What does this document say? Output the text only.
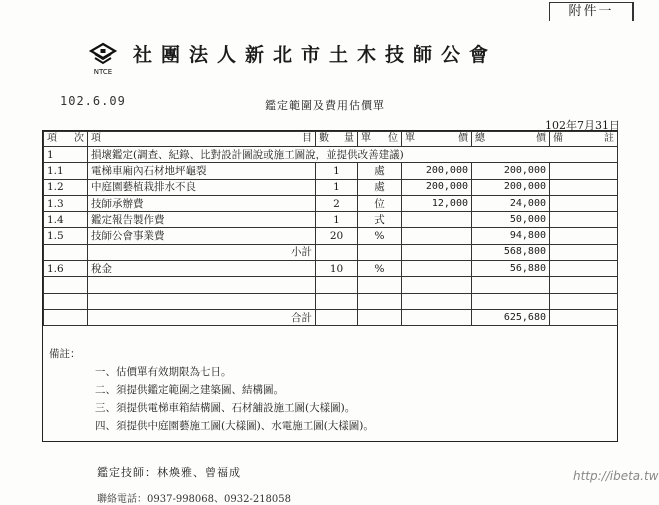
附件一
NTCE
社團法人新北市土木技師公會
102.6.09	鑑定範圍及費用估價單
102年7月31日
項 次	項 目	數 量	單 位	單 價	總 價	備 註

1	損壞鑑定(調查、紀錄、比對設計圖說或施工圖說，並提供改善建議)					
1.1	電梯車廂內石材地坪龜裂	1	處	200,000	200,000	
1.2	中庭園藝植栽排水不良	1	處	200,000	200,000	
1.3	技師承辦費	2	位	12,000	24,000	
1.4	鑑定報告製作費	1	式		50,000	
1.5	技師公會事業費	20	%		94,800	
	小計				568,800	
1.6	稅金	10	%		56,880	

	合計				625,680	
備註：
一、估價單有效期限為七日。
二、須提供鑑定範圍之建築圖、結構圖。
三、須提供電梯車箱結構圖、石材舖設施工圖(大樣圖)。
四、須提供中庭園藝施工圖(大樣圖)、水電施工圖(大樣圖)。
鑑定技師：林煥雅、曾福成
聯絡電話：0937-998068、0932-218058
http://ibeta.tw
